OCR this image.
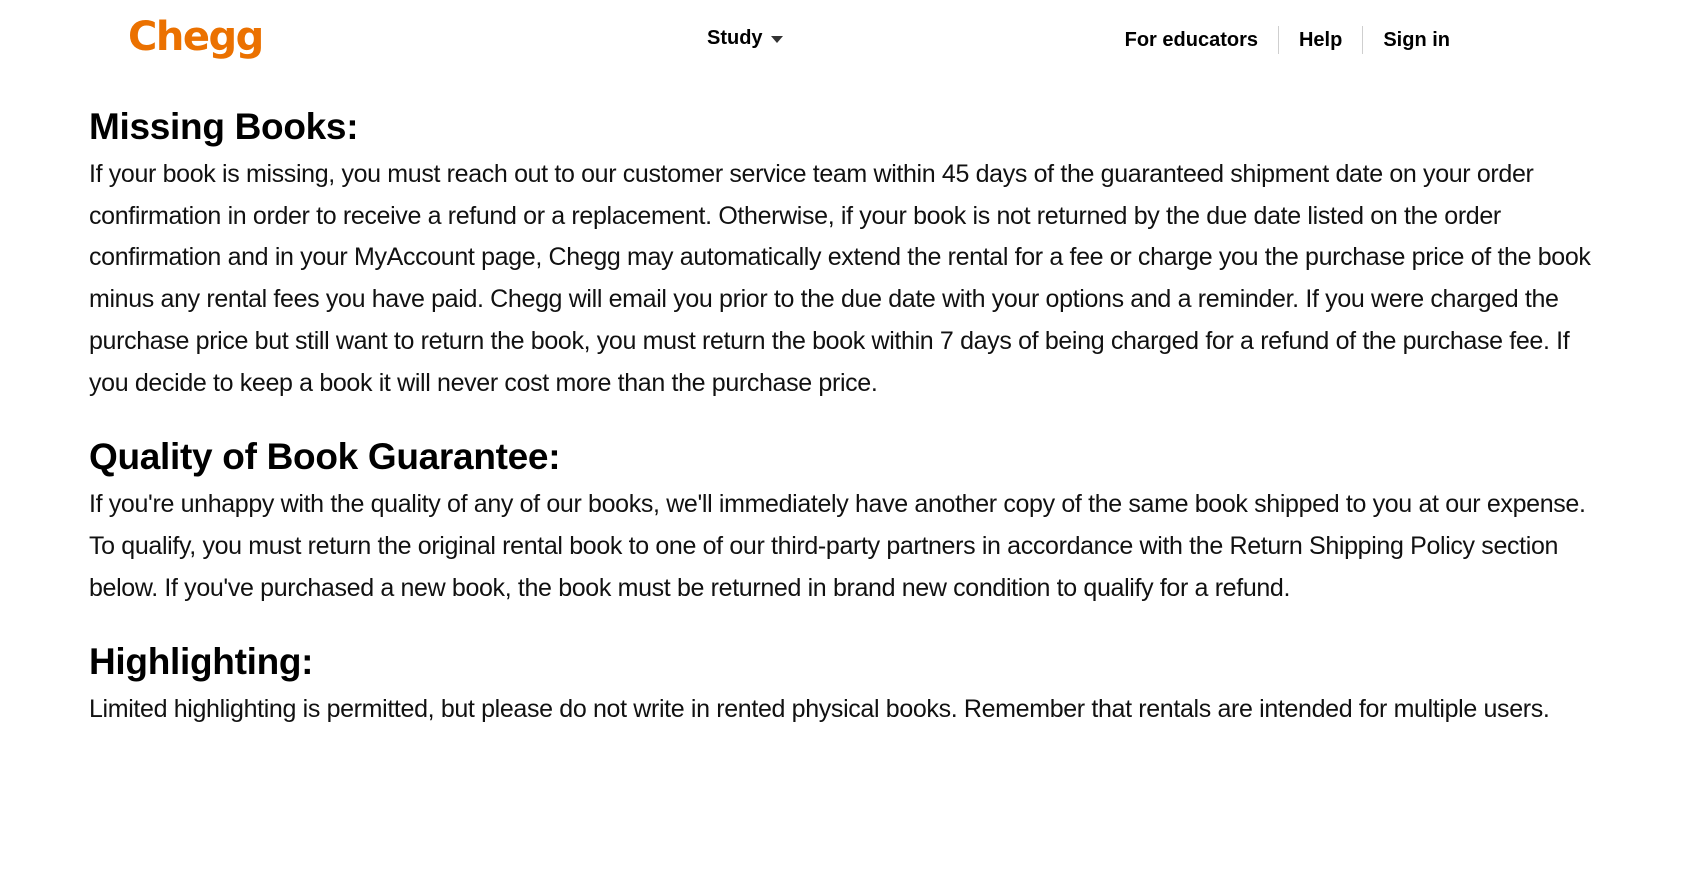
Chegg	Study	For educators	Help	Sign in
Missing Books:

If your book is missing, you must reach out to our customer service team within 45 days of the guaranteed shipment date on your order confirmation in order to receive a refund or a replacement. Otherwise, if your book is not returned by the due date listed on the order confirmation and in your MyAccount page, Chegg may automatically extend the rental for a fee or charge you the purchase price of the book minus any rental fees you have paid. Chegg will email you prior to the due date with your options and a reminder. If you were charged the purchase price but still want to return the book, you must return the book within 7 days of being charged for a refund of the purchase fee. If you decide to keep a book it will never cost more than the purchase price.

Quality of Book Guarantee:

If you're unhappy with the quality of any of our books, we'll immediately have another copy of the same book shipped to you at our expense. To qualify, you must return the original rental book to one of our third-party partners in accordance with the Return Shipping Policy section below. If you've purchased a new book, the book must be returned in brand new condition to qualify for a refund.

Highlighting:

Limited highlighting is permitted, but please do not write in rented physical books. Remember that rentals are intended for multiple users.
